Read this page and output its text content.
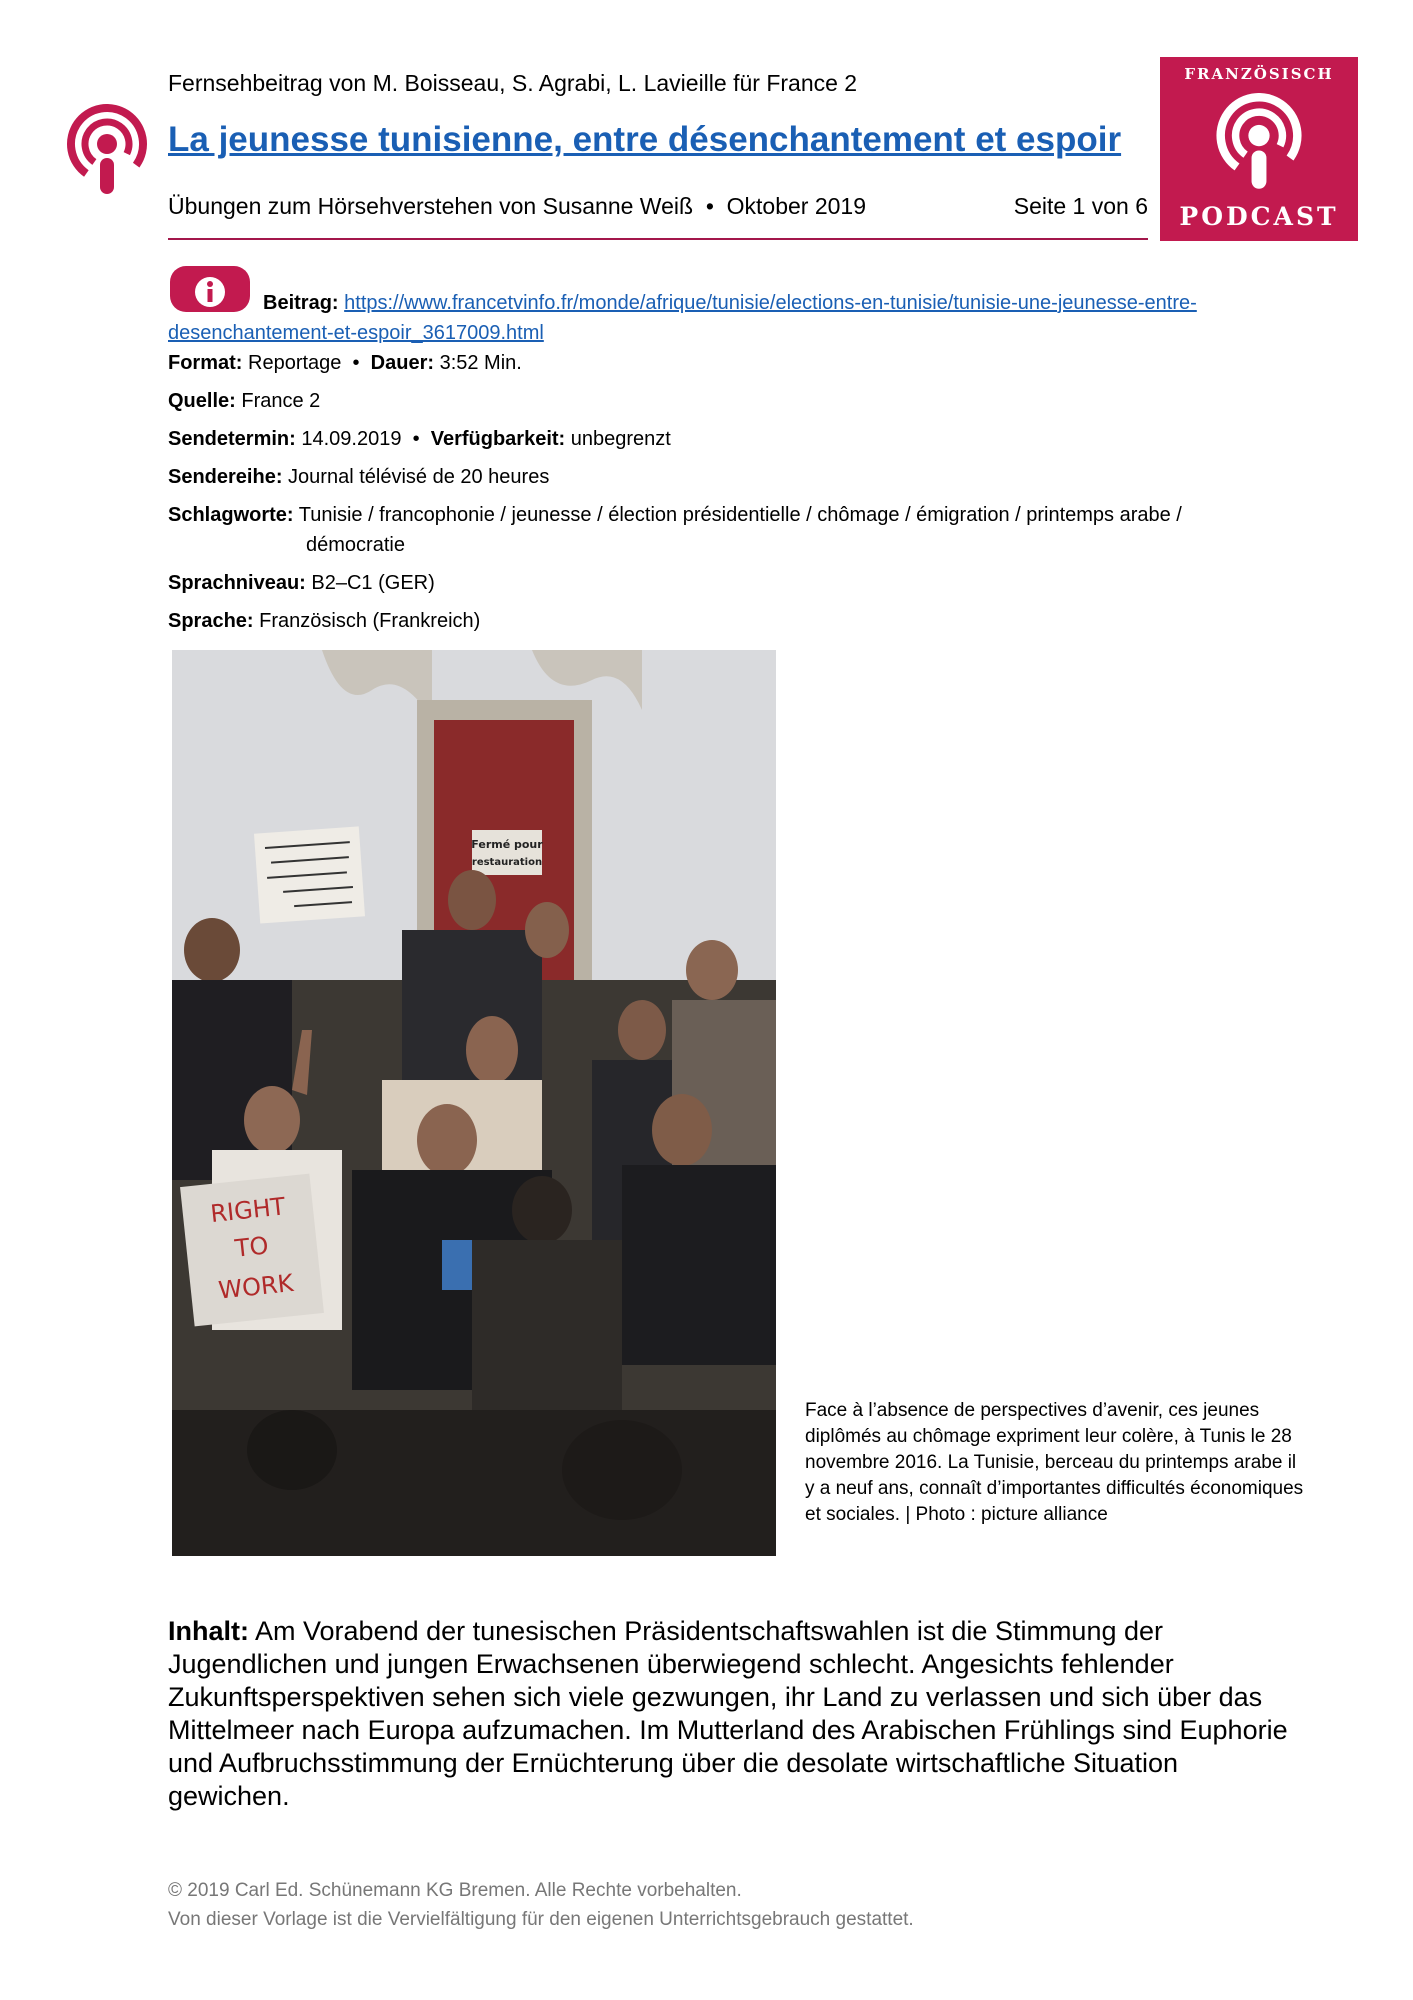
Fernsehbeitrag von M. Boisseau, S. Agrabi, L. Lavieille für France 2
La jeunesse tunisienne, entre désenchantement et espoir
Übungen zum Hörsehverstehen von Susanne Weiß  •  Oktober 2019	Seite 1 von 6
FRANZÖSISCH
PODCAST
Beitrag: https://www.francetvinfo.fr/monde/afrique/tunisie/elections-en-tunisie/tunisie-une-jeunesse-entre-
desenchantement-et-espoir_3617009.html
Format: Reportage  •  Dauer: 3:52 Min.
Quelle: France 2
Sendetermin: 14.09.2019  •  Verfügbarkeit: unbegrenzt
Sendereihe: Journal télévisé de 20 heures
Schlagworte: Tunisie / francophonie / jeunesse / élection présidentielle / chômage / émigration / printemps arabe /
démocratie
Sprachniveau: B2–C1 (GER)
Sprache: Französisch (Frankreich)
Fermé pour
restauration
RIGHT
TO
WORK
Face à l’absence de perspectives d’avenir, ces jeunes diplômés au chômage expriment leur colère, à Tunis le 28 novembre 2016. La Tunisie, berceau du printemps arabe il y a neuf ans, connaît d’importantes difficultés économiques et sociales. | Photo : picture alliance
Inhalt: Am Vorabend der tunesischen Präsidentschaftswahlen ist die Stimmung der Jugendlichen und jungen Erwachsenen überwiegend schlecht. Angesichts fehlender Zukunftsperspektiven sehen sich viele gezwungen, ihr Land zu verlassen und sich über das Mittelmeer nach Europa aufzumachen. Im Mutterland des Arabischen Frühlings sind Euphorie und Aufbruchsstimmung der Ernüchterung über die desolate wirtschaftliche Situation gewichen.
© 2019 Carl Ed. Schünemann KG Bremen. Alle Rechte vorbehalten.
Von dieser Vorlage ist die Vervielfältigung für den eigenen Unterrichtsgebrauch gestattet.
